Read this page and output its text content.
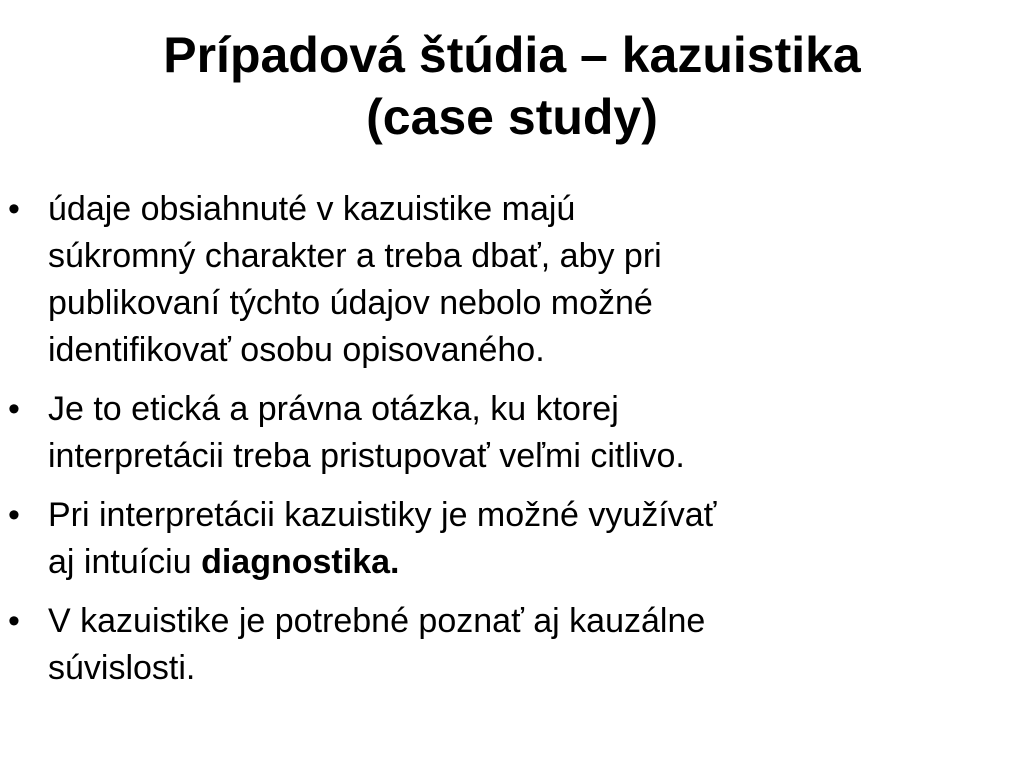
Prípadová štúdia – kazuistika
(case study)
• údaje obsiahnuté v kazuistike majú
súkromný charakter a treba dbať, aby pri
publikovaní týchto údajov nebolo možné
identifikovať osobu opisovaného.
• Je to etická a právna otázka, ku ktorej
interpretácii treba pristupovať veľmi citlivo.
• Pri interpretácii kazuistiky je možné využívať
aj intuíciu diagnostika.
• V kazuistike je potrebné poznať aj kauzálne
súvislosti.
